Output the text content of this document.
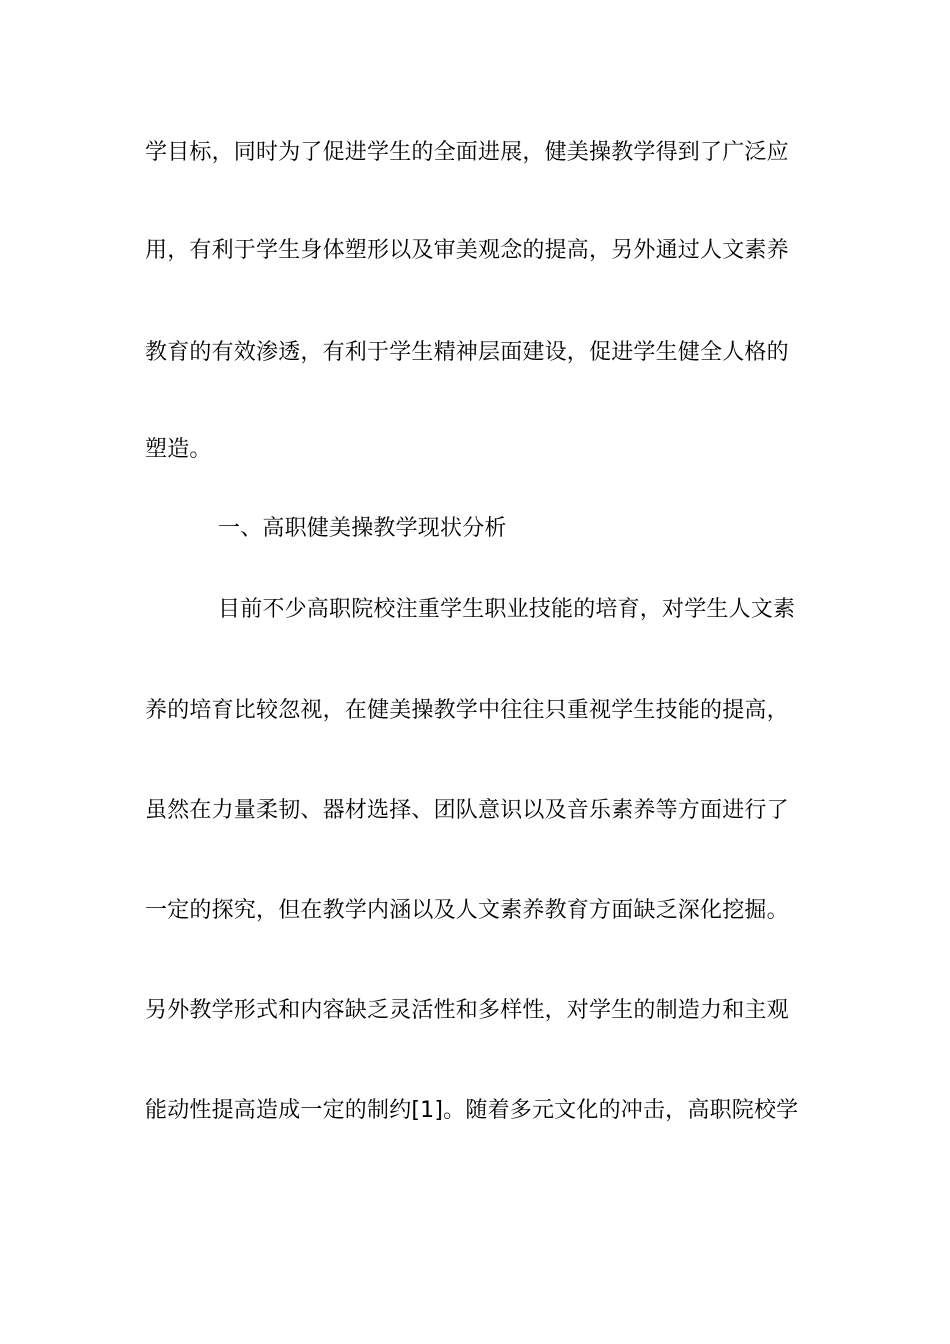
学目标，同时为了促进学生的全面进展，健美操教学得到了广泛应
用，有利于学生身体塑形以及审美观念的提高，另外通过人文素养
教育的有效渗透，有利于学生精神层面建设，促进学生健全人格的
塑造。
一、高职健美操教学现状分析
目前不少高职院校注重学生职业技能的培育，对学生人文素
养的培育比较忽视，在健美操教学中往往只重视学生技能的提高，
虽然在力量柔韧、器材选择、团队意识以及音乐素养等方面进行了
一定的探究，但在教学内涵以及人文素养教育方面缺乏深化挖掘。
另外教学形式和内容缺乏灵活性和多样性，对学生的制造力和主观
能动性提高造成一定的制约[1]。随着多元文化的冲击，高职院校学
